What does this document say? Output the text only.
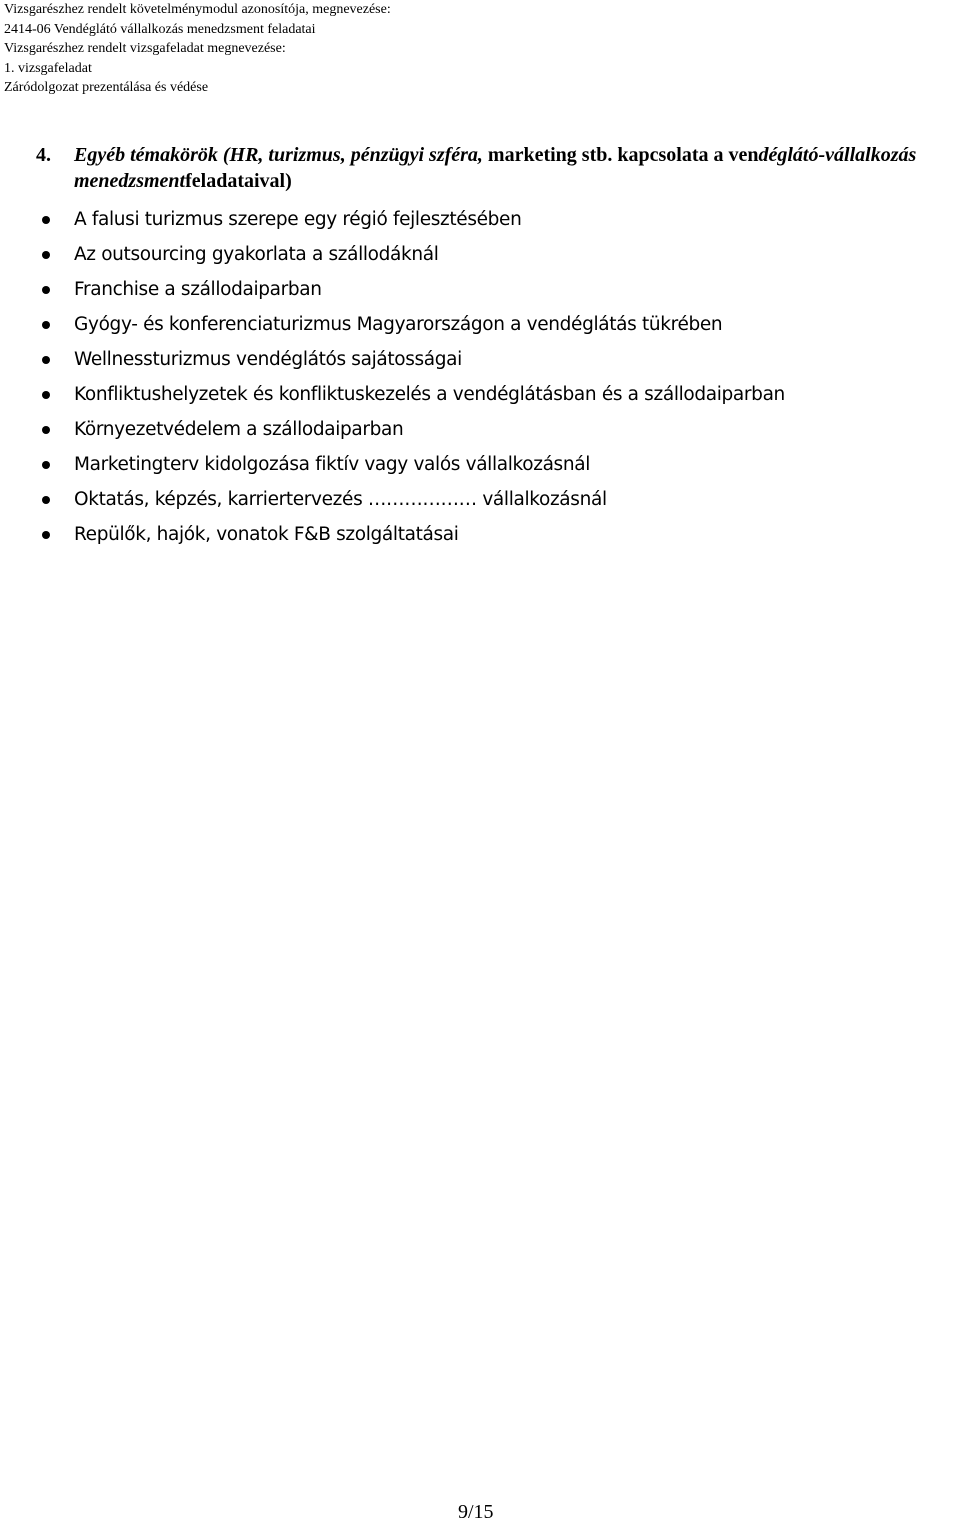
Vizsgarészhez rendelt követelménymodul azonosítója, megnevezése:
2414-06 Vendéglátó vállalkozás menedzsment feladatai
Vizsgarészhez rendelt vizsgafeladat megnevezése:
1. vizsgafeladat
Záródolgozat prezentálása és védése

4. Egyéb témakörök (HR, turizmus, pénzügyi szféra, marketing stb. kapcsolata a vendéglátó-vállalkozás menedzsmentfeladataival)

A falusi turizmus szerepe egy régió fejlesztésében
Az outsourcing gyakorlata a szállodáknál
Franchise a szállodaiparban
Gyógy- és konferenciaturizmus Magyarországon a vendéglátás tükrében
Wellnessturizmus vendéglátós sajátosságai
Konfliktushelyzetek és konfliktuskezelés a vendéglátásban és a szállodaiparban
Környezetvédelem a szállodaiparban
Marketingterv kidolgozása fiktív vagy valós vállalkozásnál
Oktatás, képzés, karriertervezés ……………… vállalkozásnál
Repülők, hajók, vonatok F&B szolgáltatásai
9/15
